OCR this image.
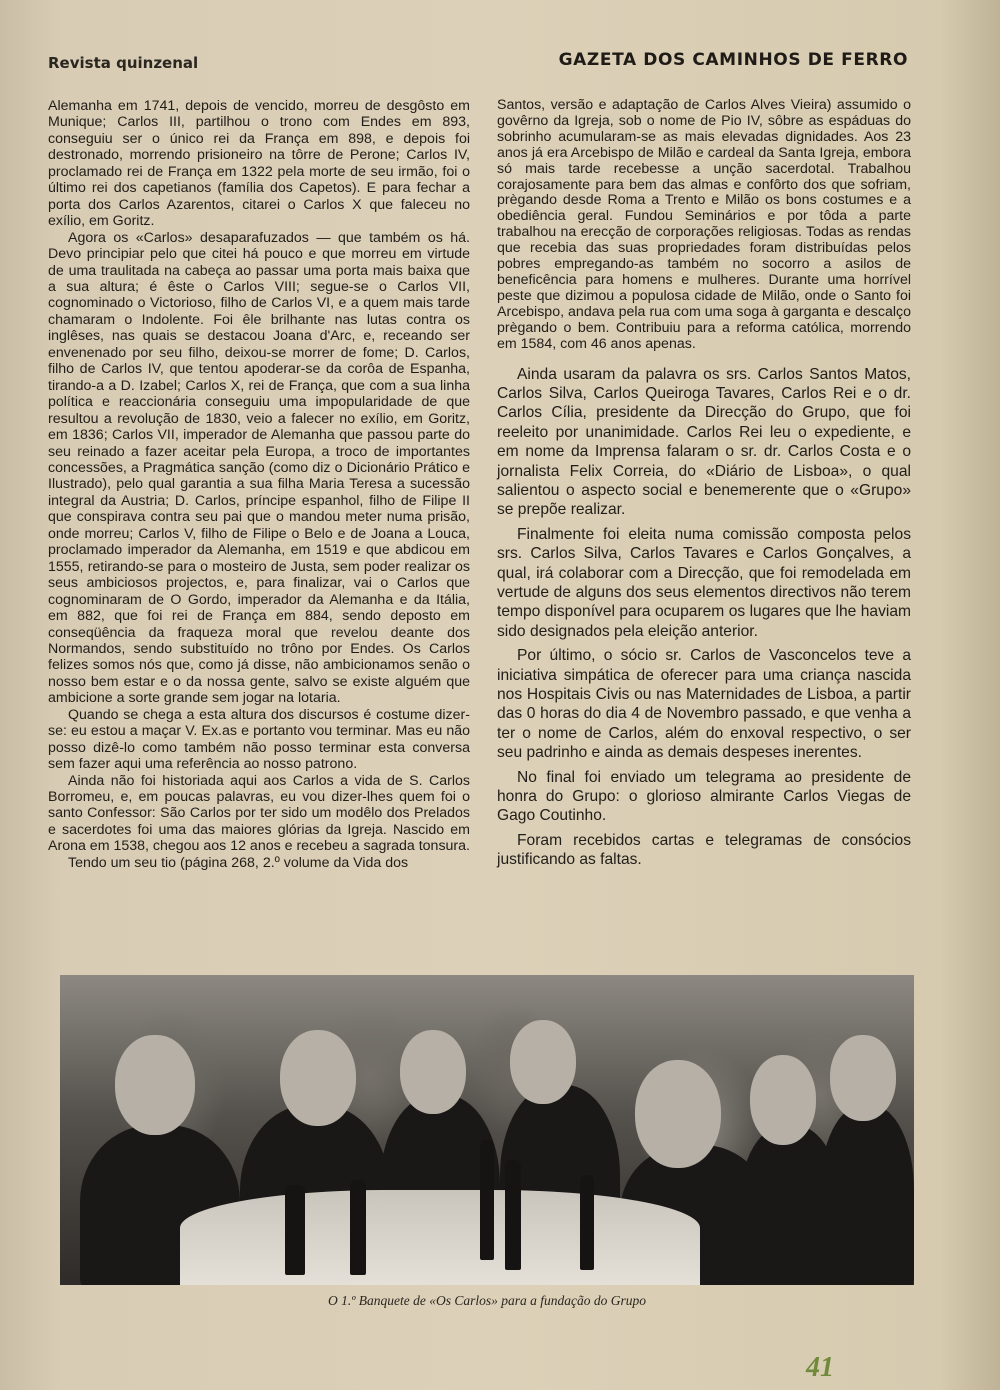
Revista quinzenal	GAZETA DOS CAMINHOS DE FERRO

Alemanha em 1741, depois de vencido, morreu de desgôsto em Munique; Carlos III, partilhou o trono com Endes em 893, conseguiu ser o único rei da França em 898, e depois foi destronado, morrendo prisioneiro na tôrre de Perone; Carlos IV, proclamado rei de França em 1322 pela morte de seu irmão, foi o último rei dos capetianos (família dos Capetos). E para fechar a porta dos Carlos Azarentos, citarei o Carlos X que faleceu no exílio, em Goritz.

Agora os «Carlos» desaparafuzados — que também os há. Devo principiar pelo que citei há pouco e que morreu em virtude de uma traulitada na cabeça ao passar uma porta mais baixa que a sua altura; é êste o Carlos VIII; segue-se o Carlos VII, cognominado o Victorioso, filho de Carlos VI, e a quem mais tarde chamaram o Indolente. Foi êle brilhante nas lutas contra os inglêses, nas quais se destacou Joana d'Arc, e, receando ser envenenado por seu filho, deixou-se morrer de fome; D. Carlos, filho de Carlos IV, que tentou apoderar-se da corôa de Espanha, tirando-a a D. Izabel; Carlos X, rei de França, que com a sua linha política e reaccionária conseguiu uma impopularidade de que resultou a revolução de 1830, veio a falecer no exílio, em Goritz, em 1836; Carlos VII, imperador de Alemanha que passou parte do seu reinado a fazer aceitar pela Europa, a troco de importantes concessões, a Pragmática sanção (como diz o Dicionário Prático e Ilustrado), pelo qual garantia a sua filha Maria Teresa a sucessão integral da Austria; D. Carlos, príncipe espanhol, filho de Filipe II que conspirava contra seu pai que o mandou meter numa prisão, onde morreu; Carlos V, filho de Filipe o Belo e de Joana a Louca, proclamado imperador da Alemanha, em 1519 e que abdicou em 1555, retirando-se para o mosteiro de Justa, sem poder realizar os seus ambiciosos projectos, e, para finalizar, vai o Carlos que cognominaram de O Gordo, imperador da Alemanha e da Itália, em 882, que foi rei de França em 884, sendo deposto em conseqüência da fraqueza moral que revelou deante dos Normandos, sendo substituído no trôno por Endes. Os Carlos felizes somos nós que, como já disse, não ambicionamos senão o nosso bem estar e o da nossa gente, salvo se existe alguém que ambicione a sorte grande sem jogar na lotaria.

Quando se chega a esta altura dos discursos é costume dizer-se: eu estou a maçar V. Ex.as e portanto vou terminar. Mas eu não posso dizê-lo como também não posso terminar esta conversa sem fazer aqui uma referência ao nosso patrono.

Ainda não foi historiada aqui aos Carlos a vida de S. Carlos Borromeu, e, em poucas palavras, eu vou dizer-lhes quem foi o santo Confessor: São Carlos por ter sido um modêlo dos Prelados e sacerdotes foi uma das maiores glórias da Igreja. Nascido em Arona em 1538, chegou aos 12 anos e recebeu a sagrada tonsura.

Tendo um seu tio (página 268, 2.º volume da Vida dos

Santos, versão e adaptação de Carlos Alves Vieira) assumido o govêrno da Igreja, sob o nome de Pio IV, sôbre as espáduas do sobrinho acumularam-se as mais elevadas dignidades. Aos 23 anos já era Arcebispo de Milão e cardeal da Santa Igreja, embora só mais tarde recebesse a unção sacerdotal. Trabalhou corajosamente para bem das almas e confôrto dos que sofriam, prègando desde Roma a Trento e Milão os bons costumes e a obediência geral. Fundou Seminários e por tôda a parte trabalhou na erecção de corporações religiosas. Todas as rendas que recebia das suas propriedades foram distribuídas pelos pobres empregando-as também no socorro a asilos de beneficência para homens e mulheres. Durante uma horrível peste que dizimou a populosa cidade de Milão, onde o Santo foi Arcebispo, andava pela rua com uma soga à garganta e descalço prègando o bem. Contribuiu para a reforma católica, morrendo em 1584, com 46 anos apenas.

Ainda usaram da palavra os srs. Carlos Santos Matos, Carlos Silva, Carlos Queiroga Tavares, Carlos Rei e o dr. Carlos Cília, presidente da Direcção do Grupo, que foi reeleito por unanimidade. Carlos Rei leu o expediente, e em nome da Imprensa falaram o sr. dr. Carlos Costa e o jornalista Felix Correia, do «Diário de Lisboa», o qual salientou o aspecto social e benemerente que o «Grupo» se prepõe realizar.

Finalmente foi eleita numa comissão composta pelos srs. Carlos Silva, Carlos Tavares e Carlos Gonçalves, a qual, irá colaborar com a Direcção, que foi remodelada em vertude de alguns dos seus elementos directivos não terem tempo disponível para ocuparem os lugares que lhe haviam sido designados pela eleição anterior.

Por último, o sócio sr. Carlos de Vasconcelos teve a iniciativa simpática de oferecer para uma criança nascida nos Hospitais Civis ou nas Maternidades de Lisboa, a partir das 0 horas do dia 4 de Novembro passado, e que venha a ter o nome de Carlos, além do enxoval respectivo, o ser seu padrinho e ainda as demais despeses inerentes.

No final foi enviado um telegrama ao presidente de honra do Grupo: o glorioso almirante Carlos Viegas de Gago Coutinho.

Foram recebidos cartas e telegramas de consócios justificando as faltas.

O 1.º Banquete de «Os Carlos» para a fundação do Grupo
41
